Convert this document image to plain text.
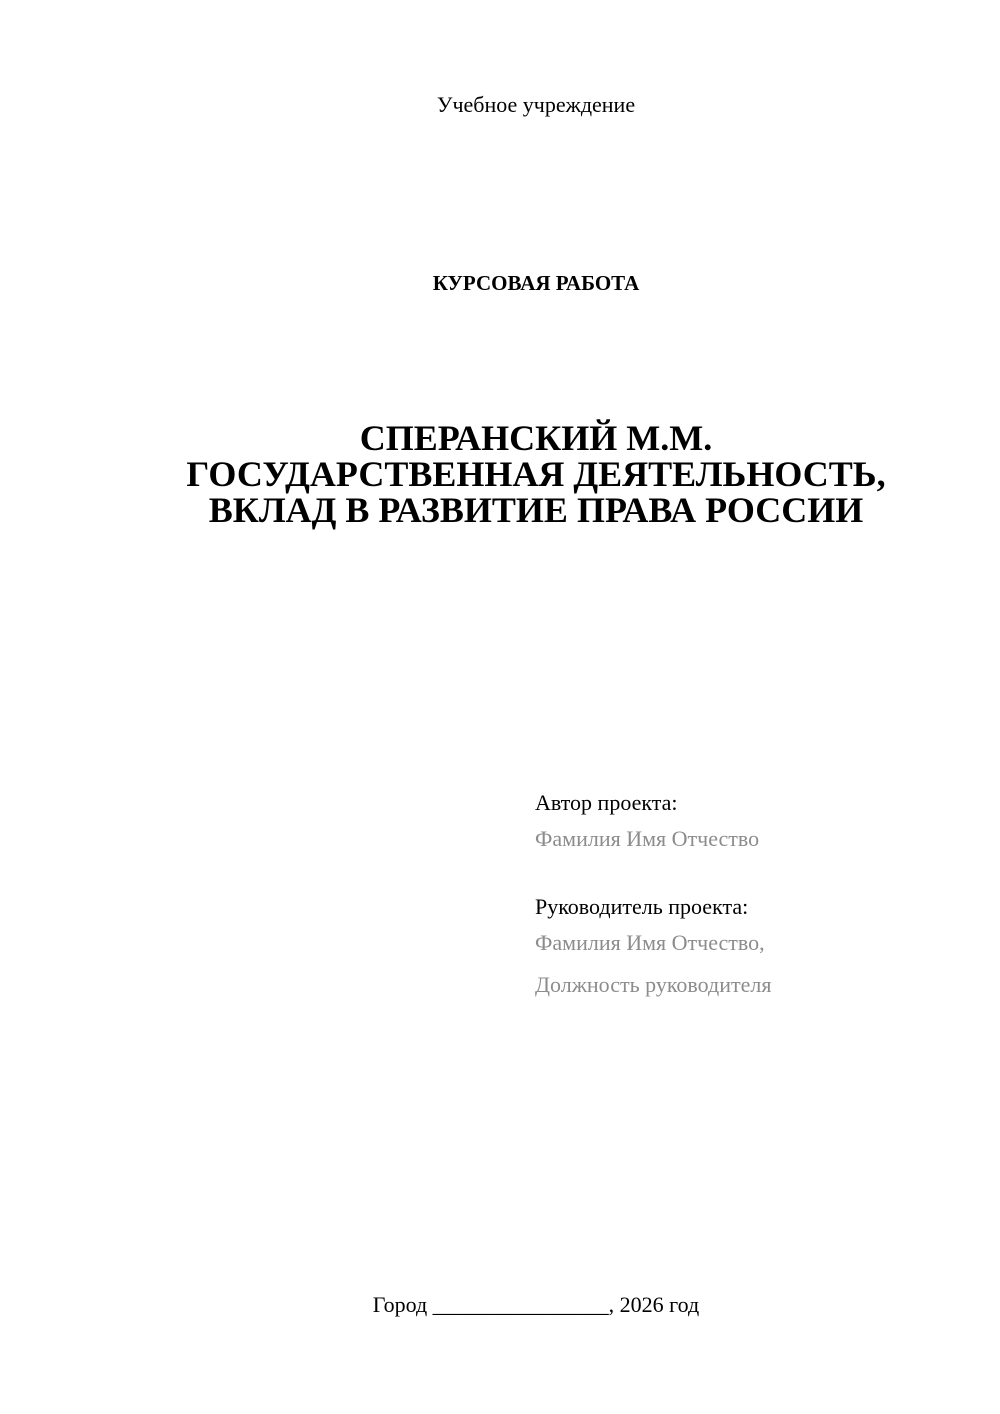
Учебное учреждение
КУРСОВАЯ РАБОТА
СПЕРАНСКИЙ М.М.
ГОСУДАРСТВЕННАЯ ДЕЯТЕЛЬНОСТЬ,
ВКЛАД В РАЗВИТИЕ ПРАВА РОССИИ
Автор проекта:
Фамилия Имя Отчество
Руководитель проекта:
Фамилия Имя Отчество,
Должность руководителя
Город ________________, 2026 год
